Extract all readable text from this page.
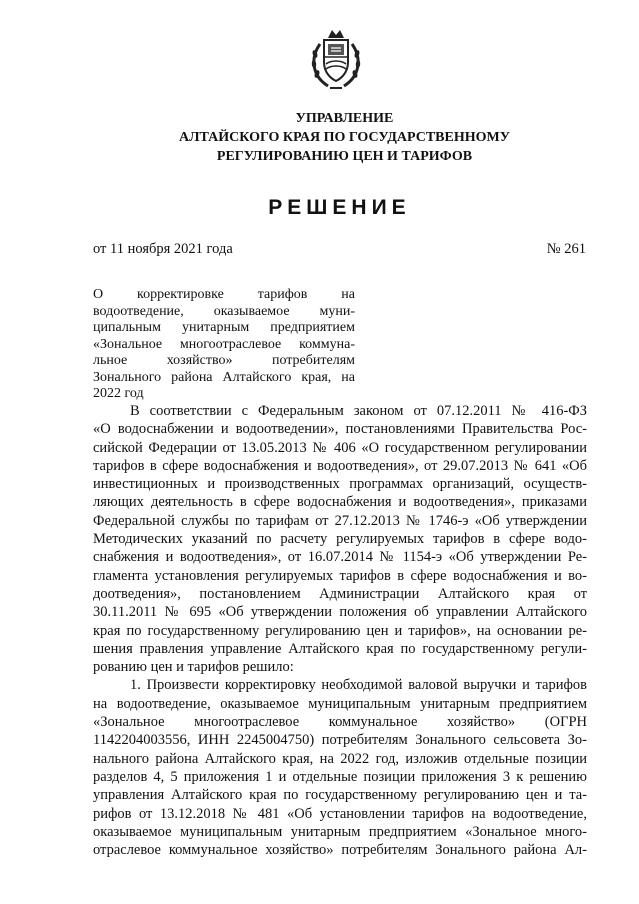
УПРАВЛЕНИЕ
АЛТАЙСКОГО КРАЯ ПО ГОСУДАРСТВЕННОМУ
РЕГУЛИРОВАНИЮ ЦЕН И ТАРИФОВ
РЕШЕНИЕ
от 11 ноября 2021 года	№ 261
О корректировке тарифов на
водоотведение, оказываемое муни-
ципальным унитарным предприятием
«Зональное многоотраслевое коммуна-
льное хозяйство» потребителям
Зонального района Алтайского края, на
2022 год
В соответствии с Федеральным законом от 07.12.2011 № 416-ФЗ
«О водоснабжении и водоотведении», постановлениями Правительства Рос-
сийской Федерации от 13.05.2013 № 406 «О государственном регулировании
тарифов в сфере водоснабжения и водоотведения», от 29.07.2013 № 641 «Об
инвестиционных и производственных программах организаций, осуществ-
ляющих деятельность в сфере водоснабжения и водоотведения», приказами
Федеральной службы по тарифам от 27.12.2013 № 1746-э «Об утверждении
Методических указаний по расчету регулируемых тарифов в сфере водо-
снабжения и водоотведения», от 16.07.2014 № 1154-э «Об утверждении Ре-
гламента установления регулируемых тарифов в сфере водоснабжения и во-
доотведения», постановлением Администрации Алтайского края от
30.11.2011 № 695 «Об утверждении положения об управлении Алтайского
края по государственному регулированию цен и тарифов», на основании ре-
шения правления управление Алтайского края по государственному регули-
рованию цен и тарифов решило:
1. Произвести корректировку необходимой валовой выручки и тарифов
на водоотведение, оказываемое муниципальным унитарным предприятием
«Зональное многоотраслевое коммунальное хозяйство» (ОГРН
1142204003556, ИНН 2245004750) потребителям Зонального сельсовета Зо-
нального района Алтайского края, на 2022 год, изложив отдельные позиции
разделов 4, 5 приложения 1 и отдельные позиции приложения 3 к решению
управления Алтайского края по государственному регулированию цен и та-
рифов от 13.12.2018 № 481 «Об установлении тарифов на водоотведение,
оказываемое муниципальным унитарным предприятием «Зональное много-
отраслевое коммунальное хозяйство» потребителям Зонального района Ал-
